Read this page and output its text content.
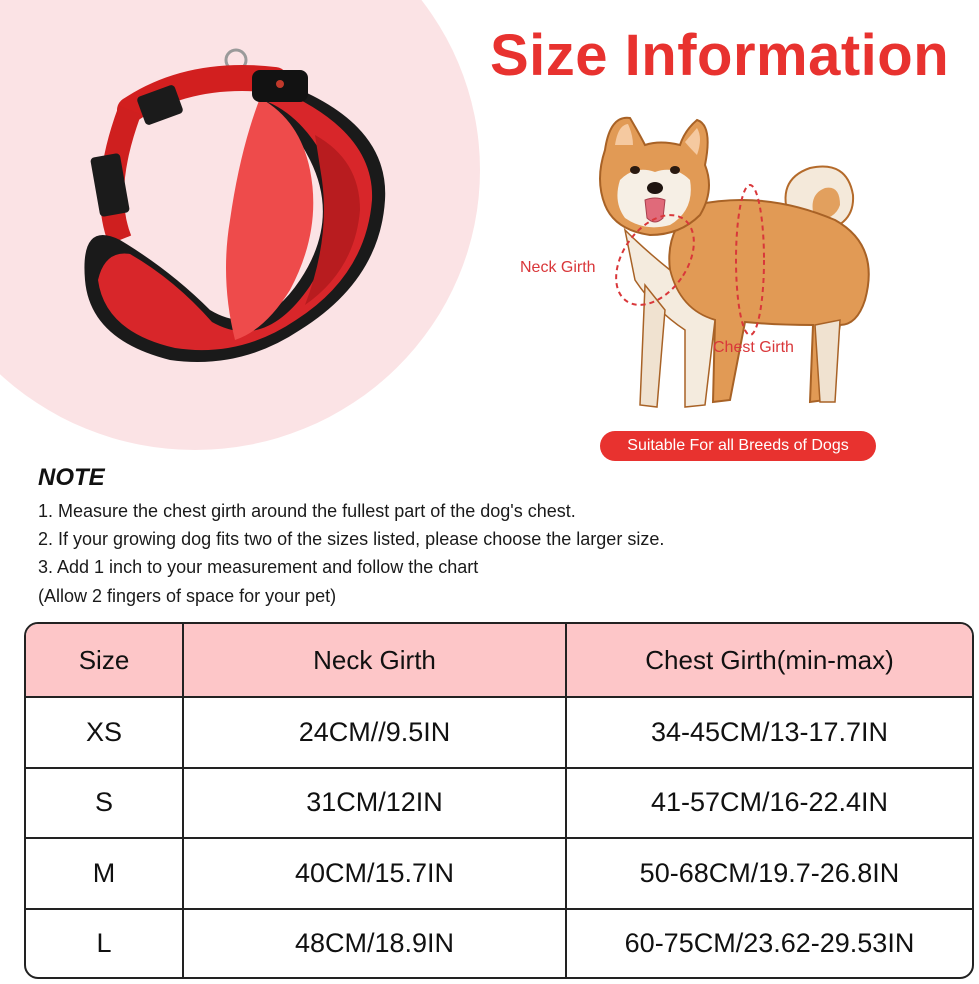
Size Information
Neck Girth
Chest Girth
Suitable For all Breeds of Dogs
NOTE
1. Measure the chest girth around the fullest part of the dog's chest.
2. If your growing dog fits two of the sizes listed, please choose the larger size.
3. Add 1 inch to your measurement and follow the chart
(Allow 2 fingers of space for your pet)
Size	Neck Girth	Chest Girth(min-max)
XS	24CM//9.5IN	34-45CM/13-17.7IN
S	31CM/12IN	41-57CM/16-22.4IN
M	40CM/15.7IN	50-68CM/19.7-26.8IN
L	48CM/18.9IN	60-75CM/23.62-29.53IN
